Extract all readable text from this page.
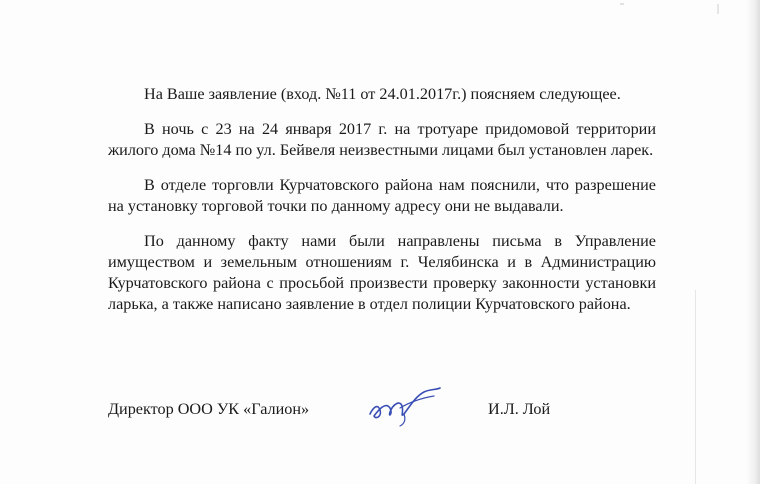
На Ваше заявление (вход. №11 от 24.01.2017г.) поясняем следующее.

В ночь с 23 на 24 января 2017 г. на тротуаре придомовой территории жилого дома №14 по ул. Бейвеля неизвестными лицами был установлен ларек.

В отделе торговли Курчатовского района нам пояснили, что разрешение на установку торговой точки по данному адресу они не выдавали.

По данному факту нами были направлены письма в Управление имуществом и земельным отношениям г. Челябинска и в Администрацию Курчатовского района с просьбой произвести проверку законности установки ларька, а также написано заявление в отдел полиции Курчатовского района.

Директор ООО УК «Галион»	И.Л. Лой
